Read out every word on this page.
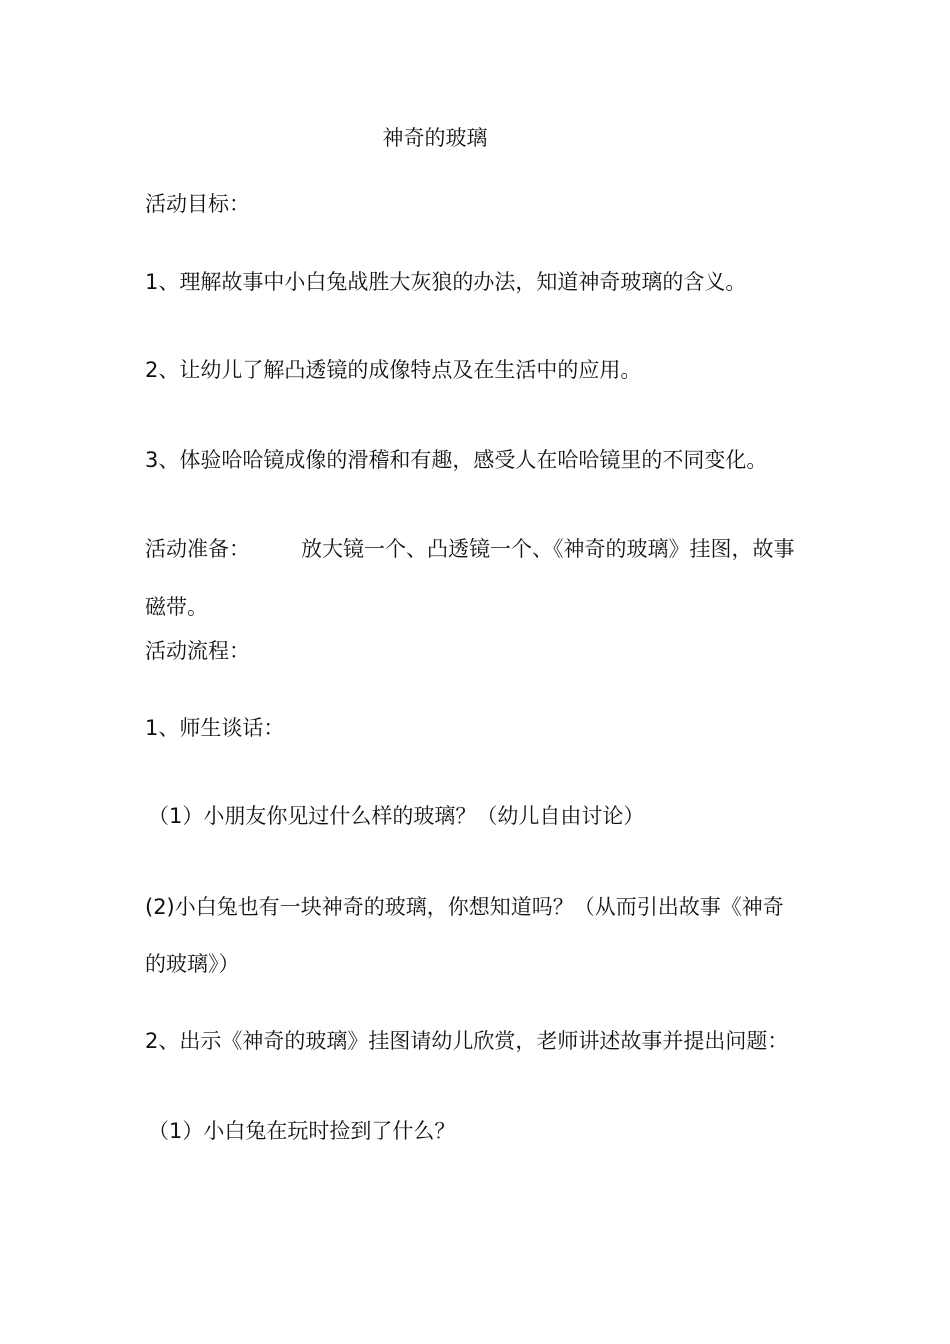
神奇的玻璃
活动目标：
1、理解故事中小白兔战胜大灰狼的办法，知道神奇玻璃的含义。
2、让幼儿了解凸透镜的成像特点及在生活中的应用。
3、体验哈哈镜成像的滑稽和有趣，感受人在哈哈镜里的不同变化。
活动准备： 放大镜一个、凸透镜一个、《神奇的玻璃》挂图，故事
磁带。
活动流程：
1、师生谈话：
（1）小朋友你见过什么样的玻璃？（幼儿自由讨论）
(2)小白兔也有一块神奇的玻璃，你想知道吗？（从而引出故事《神奇
的玻璃》）
2、出示《神奇的玻璃》挂图请幼儿欣赏，老师讲述故事并提出问题：
（1）小白兔在玩时捡到了什么？
